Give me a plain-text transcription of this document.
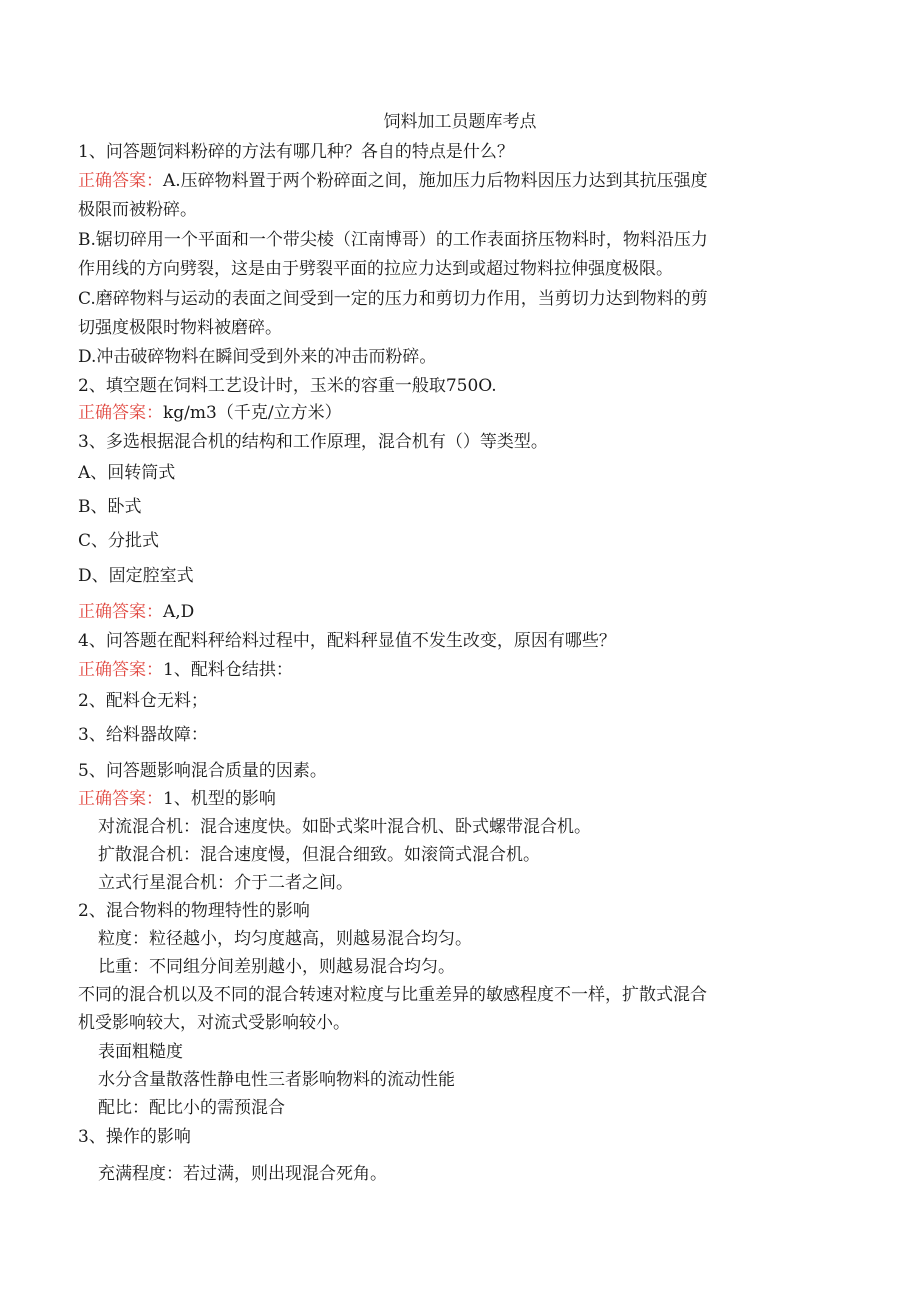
饲料加工员题库考点
1、问答题饲料粉碎的方法有哪几种？各自的特点是什么？
正确答案：A.压碎物料置于两个粉碎面之间，施加压力后物料因压力达到其抗压强度
极限而被粉碎。
B.锯切碎用一个平面和一个带尖棱（江南博哥）的工作表面挤压物料时，物料沿压力
作用线的方向劈裂，这是由于劈裂平面的拉应力达到或超过物料拉伸强度极限。
C.磨碎物料与运动的表面之间受到一定的压力和剪切力作用，当剪切力达到物料的剪
切强度极限时物料被磨碎。
D.冲击破碎物料在瞬间受到外来的冲击而粉碎。
2、填空题在饲料工艺设计时，玉米的容重一般取750O.
正确答案：kg∕m3（千克/立方米）
3、多选根据混合机的结构和工作原理，混合机有（）等类型。
A、回转筒式
B、卧式
C、分批式
D、固定腔室式
正确答案：A,D
4、问答题在配料秤给料过程中，配料秤显值不发生改变，原因有哪些？
正确答案：1、配料仓结拱：
2、配料仓无料；
3、给料器故障：
5、问答题影响混合质量的因素。
正确答案：1、机型的影响
对流混合机：混合速度快。如卧式桨叶混合机、卧式螺带混合机。
扩散混合机：混合速度慢，但混合细致。如滚筒式混合机。
立式行星混合机：介于二者之间。
2、混合物料的物理特性的影响
粒度：粒径越小，均匀度越高，则越易混合均匀。
比重：不同组分间差别越小，则越易混合均匀。
不同的混合机以及不同的混合转速对粒度与比重差异的敏感程度不一样，扩散式混合
机受影响较大，对流式受影响较小。
表面粗糙度
水分含量散落性静电性三者影响物料的流动性能
配比：配比小的需预混合
3、操作的影响
充满程度：若过满，则出现混合死角。
